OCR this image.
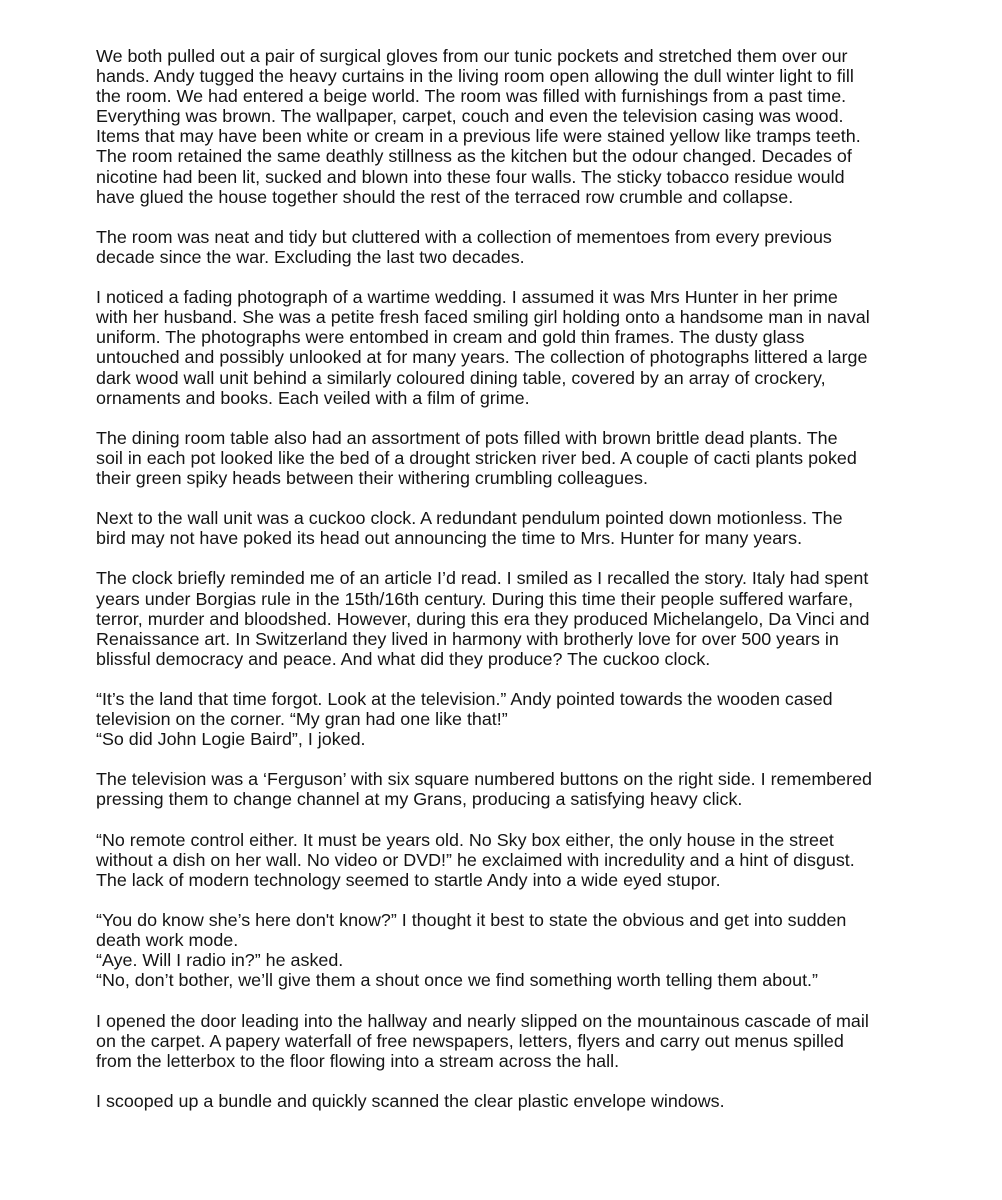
We both pulled out a pair of surgical gloves from our tunic pockets and stretched them over our
hands. Andy tugged the heavy curtains in the living room open allowing the dull winter light to fill
the room. We had entered a beige world. The room was filled with furnishings from a past time.
Everything was brown. The wallpaper, carpet, couch and even the television casing was wood.
Items that may have been white or cream in a previous life were stained yellow like tramps teeth.
The room retained the same deathly stillness as the kitchen but the odour changed. Decades of
nicotine had been lit, sucked and blown into these four walls. The sticky tobacco residue would
have glued the house together should the rest of the terraced row crumble and collapse.
The room was neat and tidy but cluttered with a collection of mementoes from every previous
decade since the war. Excluding the last two decades.
I noticed a fading photograph of a wartime wedding. I assumed it was Mrs Hunter in her prime
with her husband. She was a petite fresh faced smiling girl holding onto a handsome man in naval
uniform. The photographs were entombed in cream and gold thin frames. The dusty glass
untouched and possibly unlooked at for many years. The collection of photographs littered a large
dark wood wall unit behind a similarly coloured dining table, covered by an array of crockery,
ornaments and books. Each veiled with a film of grime.
The dining room table also had an assortment of pots filled with brown brittle dead plants. The
soil in each pot looked like the bed of a drought stricken river bed. A couple of cacti plants poked
their green spiky heads between their withering crumbling colleagues.
Next to the wall unit was a cuckoo clock. A redundant pendulum pointed down motionless. The
bird may not have poked its head out announcing the time to Mrs. Hunter for many years.
The clock briefly reminded me of an article I’d read. I smiled as I recalled the story. Italy had spent
years under Borgias rule in the 15th/16th century. During this time their people suffered warfare,
terror, murder and bloodshed. However, during this era they produced Michelangelo, Da Vinci and
Renaissance art. In Switzerland they lived in harmony with brotherly love for over 500 years in
blissful democracy and peace. And what did they produce? The cuckoo clock.
“It’s the land that time forgot. Look at the television.” Andy pointed towards the wooden cased
television on the corner. “My gran had one like that!”
“So did John Logie Baird”, I joked.
The television was a ‘Ferguson’ with six square numbered buttons on the right side. I remembered
pressing them to change channel at my Grans, producing a satisfying heavy click.
“No remote control either. It must be years old. No Sky box either, the only house in the street
without a dish on her wall. No video or DVD!” he exclaimed with incredulity and a hint of disgust.
The lack of modern technology seemed to startle Andy into a wide eyed stupor.
“You do know she’s here don't know?” I thought it best to state the obvious and get into sudden
death work mode.
“Aye. Will I radio in?” he asked.
“No, don’t bother, we’ll give them a shout once we find something worth telling them about.”
I opened the door leading into the hallway and nearly slipped on the mountainous cascade of mail
on the carpet. A papery waterfall of free newspapers, letters, flyers and carry out menus spilled
from the letterbox to the floor flowing into a stream across the hall.
I scooped up a bundle and quickly scanned the clear plastic envelope windows.
